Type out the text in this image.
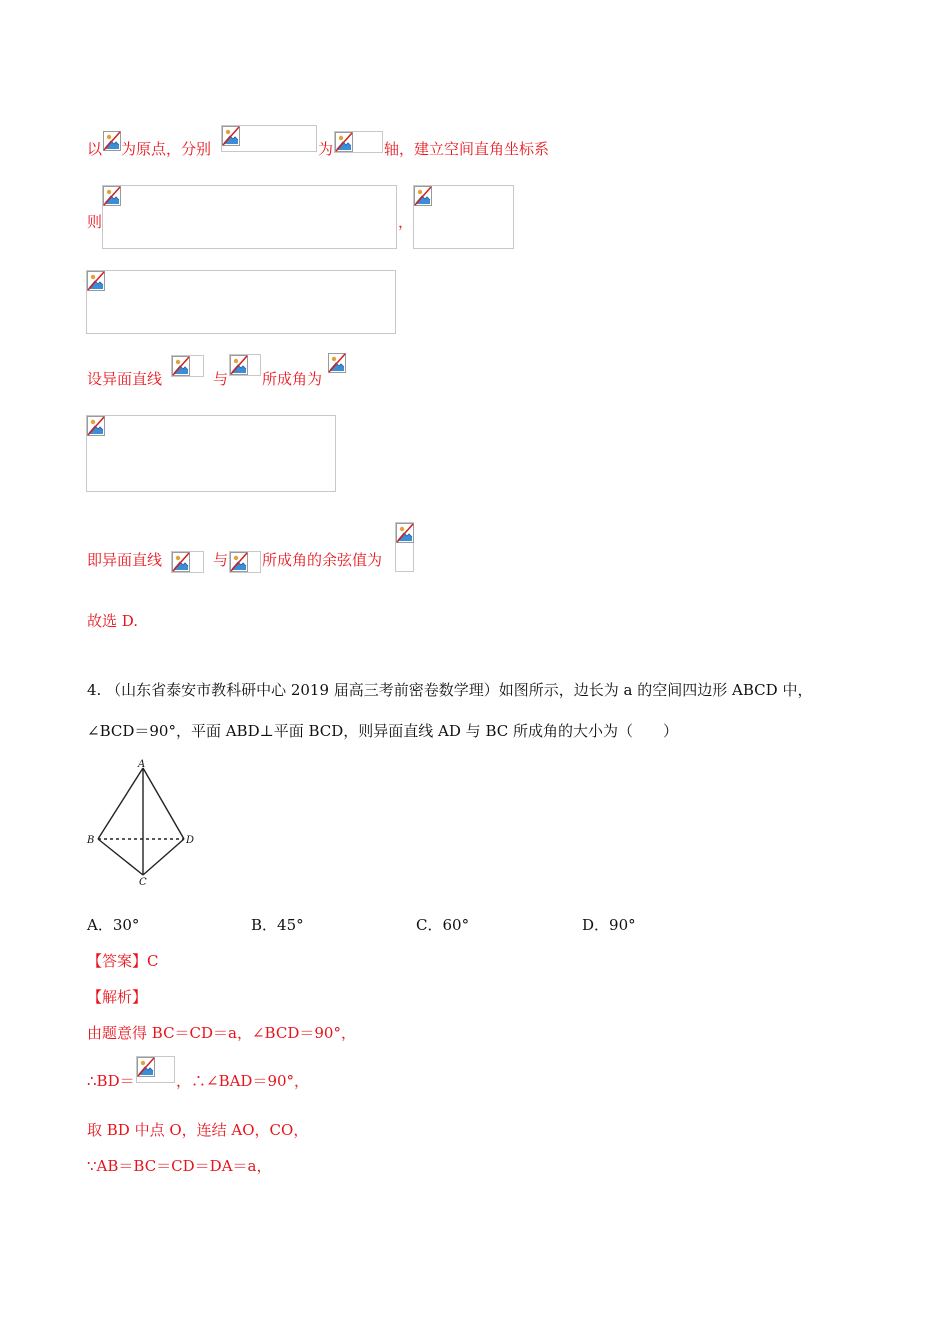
以 为原点，分别	为	轴，建立空间直角坐标系
则	，
设异面直线	与 所成角为
即异面直线	与 所成角的余弦值为
故选 D.
4. （山东省泰安市教科研中心 2019 届高三考前密卷数学理）如图所示，边长为 a 的空间四边形 ABCD 中，
∠BCD＝90°，平面 ABD⊥平面 BCD，则异面直线 AD 与 BC 所成角的大小为（　　）
A
B	D
C
A．30°	B．45°	C．60°	D．90°
【答案】C
【解析】
由题意得 BC＝CD＝a，∠BCD＝90°，
∴BD＝	，∴∠BAD＝90°，
取 BD 中点 O，连结 AO，CO，
∵AB＝BC＝CD＝DA＝a，
